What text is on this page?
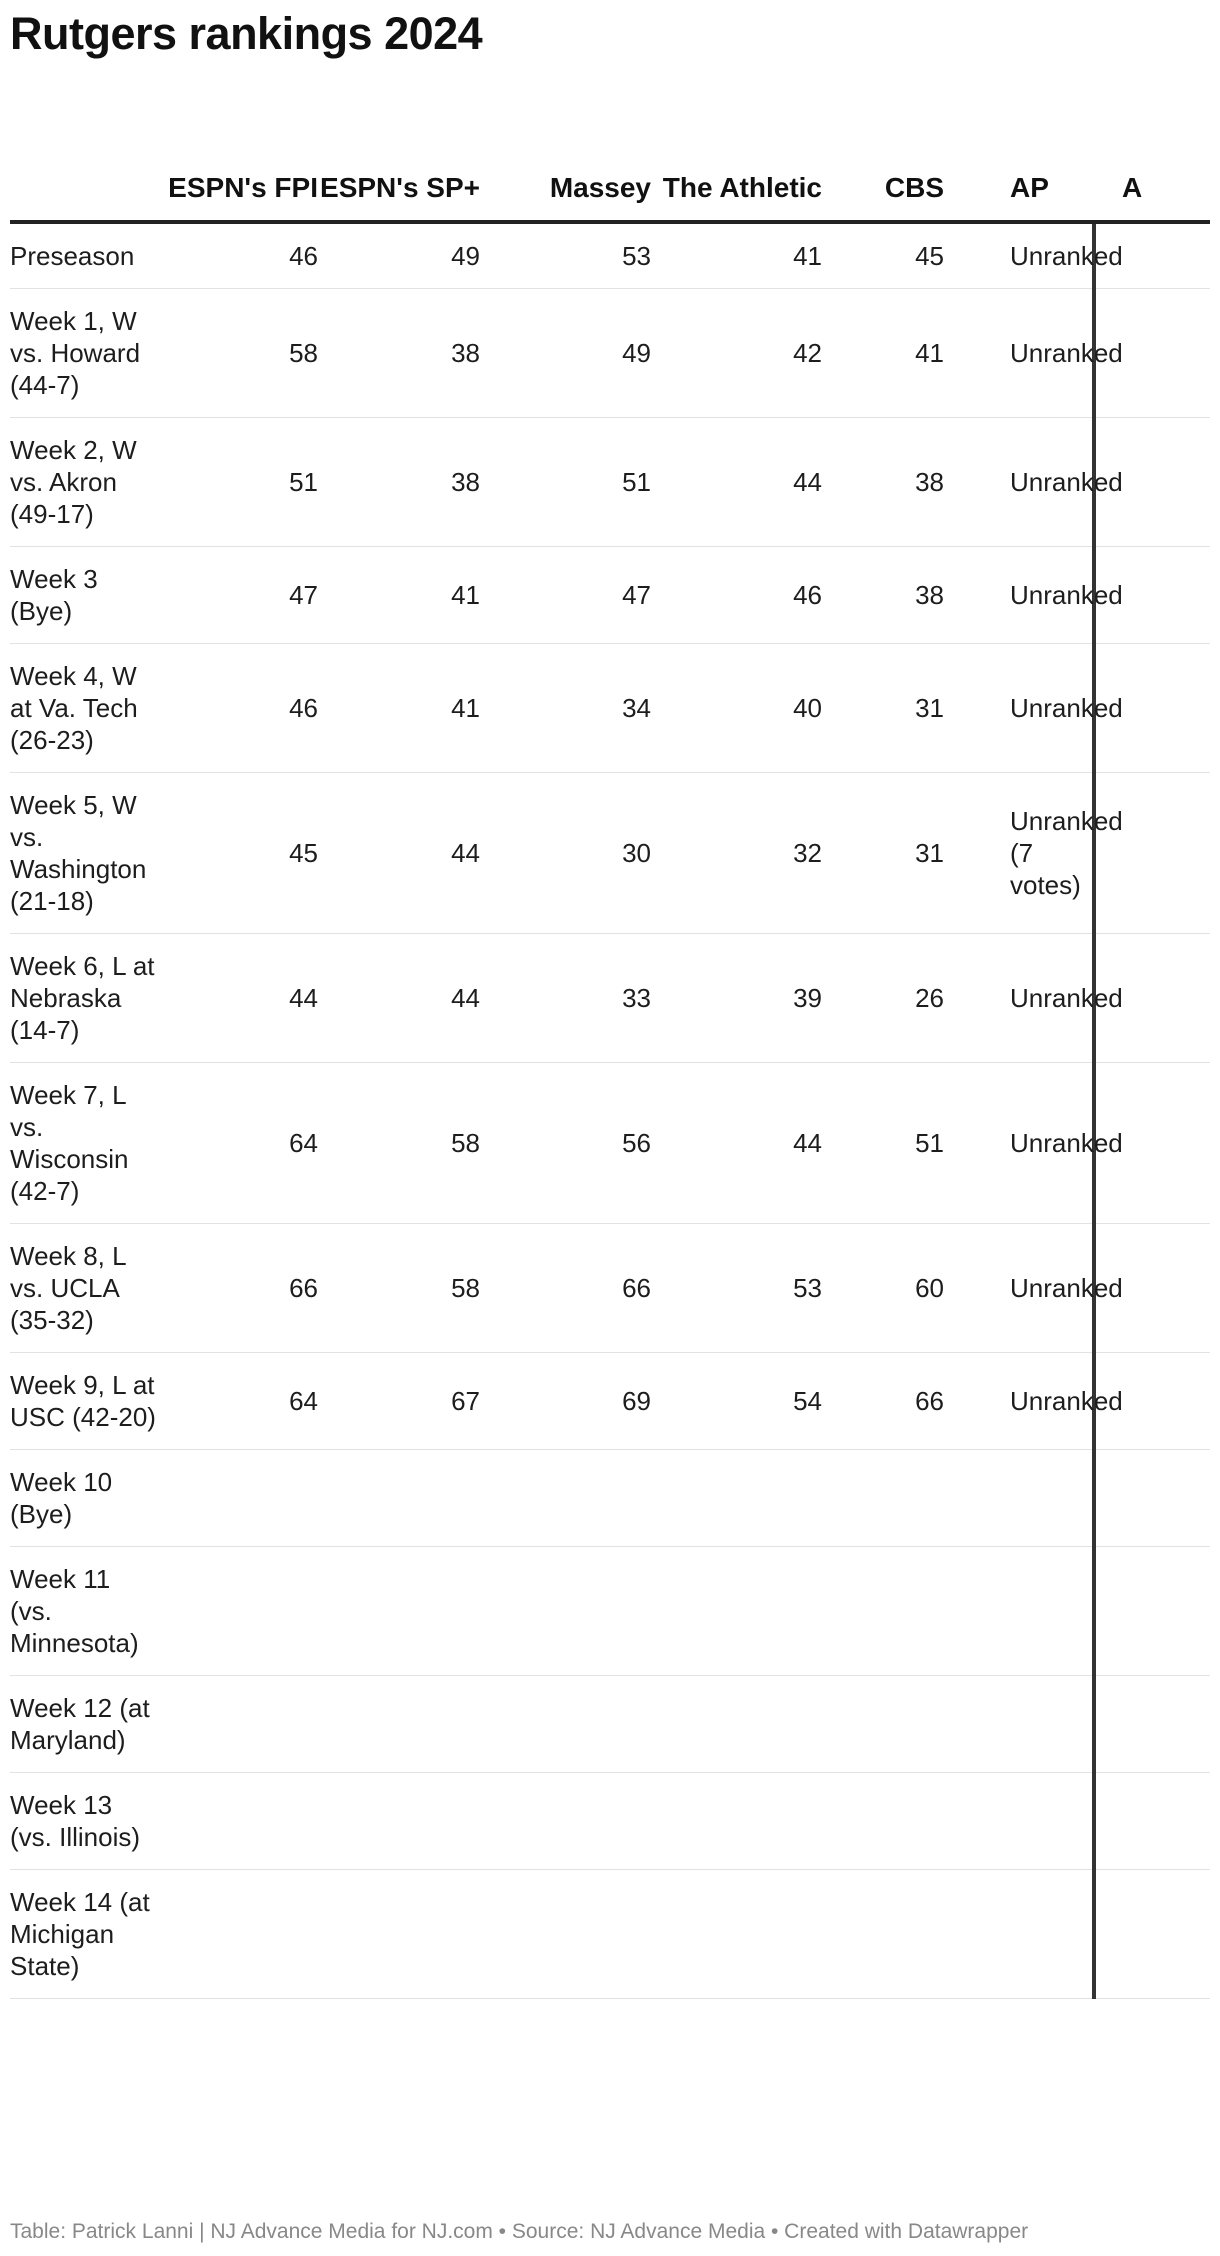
Rutgers rankings 2024
	ESPN's FPI	ESPN's SP+	Massey	The Athletic	CBS	AP	A
Preseason	46	49	53	41	45	Unranked	
Week 1, W vs. Howard (44-7)	58	38	49	42	41	Unranked	
Week 2, W vs. Akron (49-17)	51	38	51	44	38	Unranked	
Week 3 (Bye)	47	41	47	46	38	Unranked	
Week 4, W at Va. Tech (26-23)	46	41	34	40	31	Unranked	
Week 5, W vs. Washington (21-18)	45	44	30	32	31	Unranked (7 votes)	
Week 6, L at Nebraska (14-7)	44	44	33	39	26	Unranked	
Week 7, L vs. Wisconsin (42-7)	64	58	56	44	51	Unranked	
Week 8, L vs. UCLA (35-32)	66	58	66	53	60	Unranked	
Week 9, L at USC (42-20)	64	67	69	54	66	Unranked	
Week 10 (Bye)							
Week 11 (vs. Minnesota)							
Week 12 (at Maryland)							
Week 13 (vs. Illinois)							
Week 14 (at Michigan State)							
Table: Patrick Lanni | NJ Advance Media for NJ.com • Source: NJ Advance Media • Created with Datawrapper
